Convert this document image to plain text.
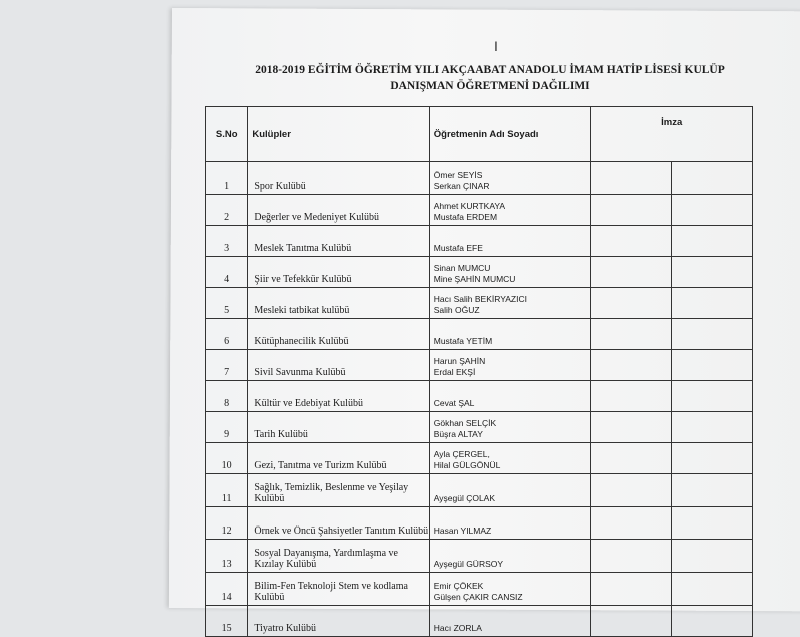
I
2018-2019 EĞİTİM ÖĞRETİM YILI AKÇAABAT ANADOLU İMAM HATİP LİSESİ KULÜP
DANIŞMAN ÖĞRETMENİ DAĞILIMI
S.No	Kulüpler	Öğretmenin Adı Soyadı	İmza	
1	Spor Kulübü	Ömer SEYİS
Serkan ÇINAR		

2	Değerler ve Medeniyet Kulübü	Ahmet KURTKAYA
Mustafa ERDEM		

3	Meslek Tanıtma Kulübü	Mustafa EFE		

4	Şiir ve Tefekkür Kulübü	Sinan MUMCU
Mine ŞAHİN MUMCU		

5	Mesleki tatbikat kulübü	Hacı Salih BEKİRYAZICI
Salih OĞUZ		

6	Kütüphanecilik Kulübü	Mustafa YETİM		

7	Sivil Savunma Kulübü	Harun ŞAHİN
Erdal EKŞİ		

8	Kültür ve Edebiyat Kulübü	Cevat ŞAL		

9	Tarih Kulübü	Gökhan SELÇİK
Büşra ALTAY		

10	Gezi, Tanıtma ve Turizm Kulübü	Ayla ÇERGEL,
Hilal GÜLGÖNÜL		

11	Sağlık, Temizlik, Beslenme ve Yeşilay Kulübü	Ayşegül ÇOLAK		

12	Örnek ve Öncü Şahsiyetler Tanıtım Kulübü	Hasan YILMAZ		

13	Sosyal Dayanışma, Yardımlaşma ve Kızılay Kulübü	Ayşegül GÜRSOY		

14	Bilim-Fen Teknoloji Stem ve kodlama Kulübü	Emir ÇÖKEK
Gülşen ÇAKIR CANSIZ		

15	Tiyatro Kulübü	Hacı ZORLA		
